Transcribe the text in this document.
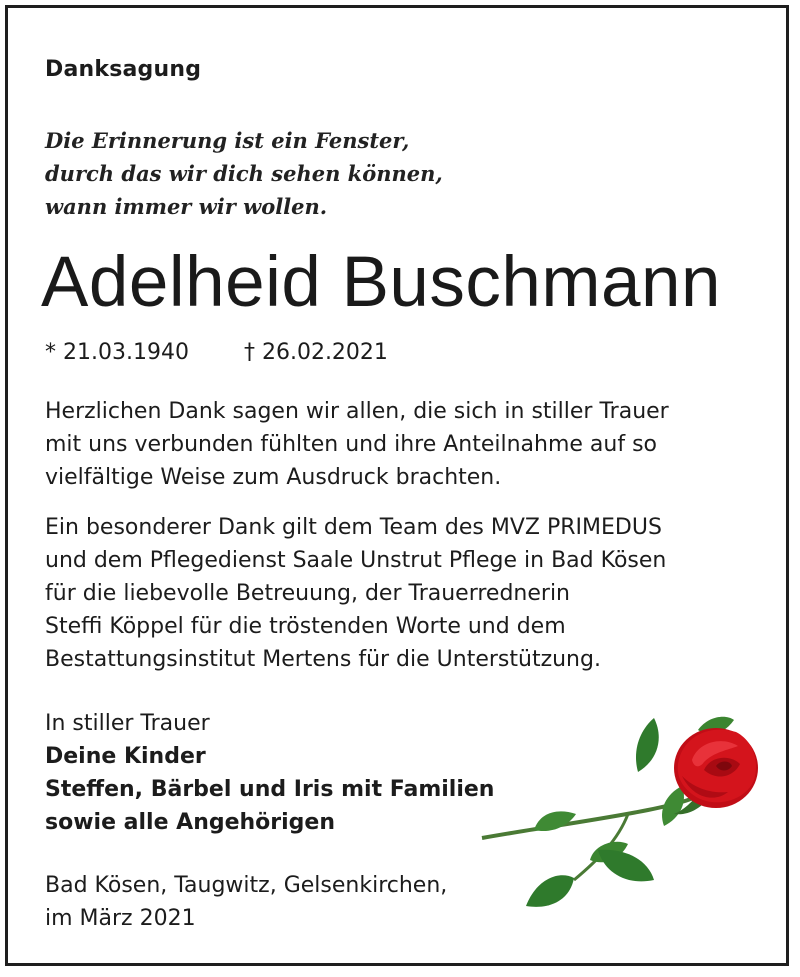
Danksagung
Die Erinnerung ist ein Fenster,
durch das wir dich sehen können,
wann immer wir wollen.
Adelheid Buschmann
* 21.03.1940	† 26.02.2021
Herzlichen Dank sagen wir allen, die sich in stiller Trauer
mit uns verbunden fühlten und ihre Anteilnahme auf so
vielfältige Weise zum Ausdruck brachten.
Ein besonderer Dank gilt dem Team des MVZ PRIMEDUS
und dem Pflegedienst Saale Unstrut Pflege in Bad Kösen
für die liebevolle Betreuung, der Trauerrednerin
Steffi Köppel für die tröstenden Worte und dem
Bestattungsinstitut Mertens für die Unterstützung.
In stiller Trauer
Deine Kinder
Steffen, Bärbel und Iris mit Familien
sowie alle Angehörigen
Bad Kösen, Taugwitz, Gelsenkirchen,
im März 2021
